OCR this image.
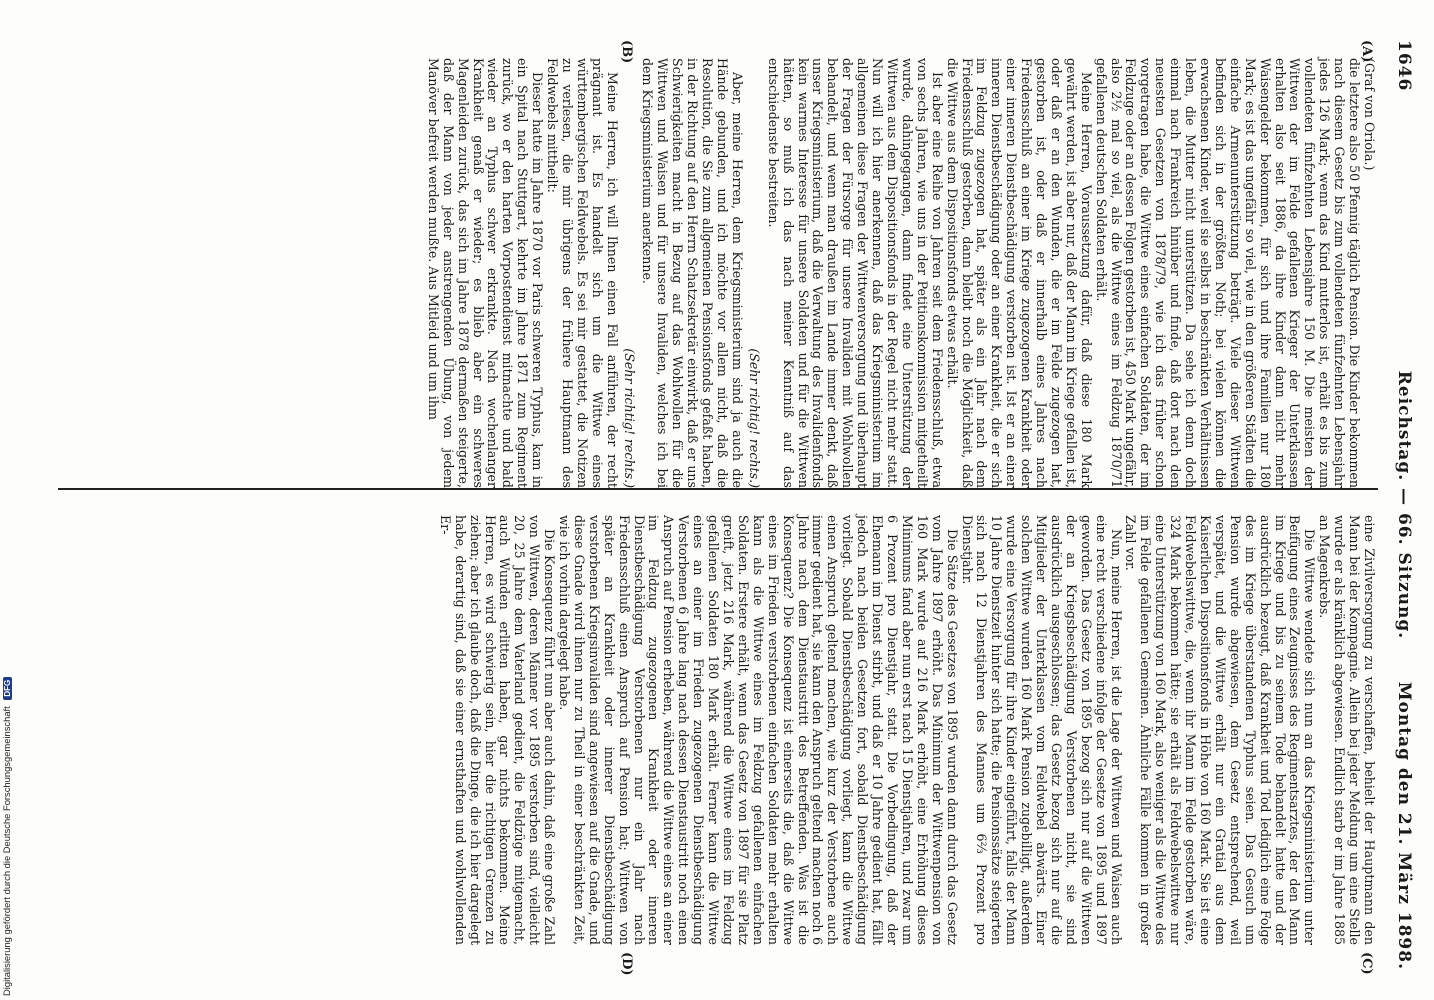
1646
Reichstag. — 66. Sitzung.
Montag den 21. März 1898.
(A)
(B)
(C)
(D)

(Graf von Oriola.)

die letztere also 50 Pfennig täglich Pension. Die Kinder bekommen nach diesem Gesetz bis zum vollendeten fünfzehnten Lebensjahr jedes 126 Mark; wenn das Kind mutterlos ist, erhält es bis zum vollendeten fünfzehnten Lebensjahre 150 M. Die meisten der Wittwen der im Felde gefallenen Krieger der Unterklassen erhalten also seit 1886, da ihre Kinder dann nicht mehr Waisengelder bekommen, für sich und ihre Familien nur 180 Mark; es ist das ungefähr so viel, wie in den größeren Städten die einfache Armenunterstützung beträgt. Viele dieser Wittwen befinden sich in der größten Noth; bei vielen können die erwachsenen Kinder, weil sie selbst in beschränkten Verhältnissen leben, die Mutter nicht unterstützen. Da sehe ich denn doch einmal nach Frankreich hinüber und finde, daß dort nach den neuesten Gesetzen von 1878/79, wie ich das früher schon vorgetragen habe, die Wittwe eines einfachen Soldaten, der im Feldzuge oder an dessen Folgen gestorben ist, 450 Mark ungefähr, also 2½ mal so viel, als die Wittwe eines im Feldzug 1870/71 gefallenen deutschen Soldaten erhält.

Meine Herren, Voraussetzung dafür, daß diese 180 Mark gewährt werden, ist aber nur, daß der Mann im Kriege gefallen ist, oder daß er an den Wunden, die er im Felde zugezogen hat, gestorben ist, oder daß er innerhalb eines Jahres nach Friedensschluß an einer im Kriege zugezogenen Krankheit oder einer inneren Dienstbeschädigung verstorben ist. Ist er an einer inneren Dienstbeschädigung oder an einer Krankheit, die er sich im Feldzug zugezogen hat, später als ein Jahr nach dem Friedensschluß gestorben, dann bleibt noch die Möglichkeit, daß die Wittwe aus dem Dispositionsfonds etwas erhält.

Ist aber eine Reihe von Jahren seit dem Friedensschluß, etwa von sechs Jahren, wie uns in der Petitionskommission mitgetheilt wurde, dahingegangen, dann findet eine Unterstützung der Wittwen aus dem Dispositionsfonds in der Regel nicht mehr statt. Nun will ich hier anerkennen, daß das Kriegsministerium im allgemeinen diese Fragen der Wittwenversorgung und überhaupt der Fragen der Fürsorge für unsere Invaliden mit Wohlwollen behandelt, und wenn man draußen im Lande immer denkt, daß unser Kriegsministerium, daß die Verwaltung des Invalidenfonds kein warmes Interesse für unsere Soldaten und für die Wittwen hätten, so muß ich das nach meiner Kenntniß auf das entschiedenste bestreiten.

(Sehr richtig! rechts.)

Aber, meine Herren, dem Kriegsministerium sind ja auch die Hände gebunden, und ich möchte vor allem nicht, daß die Resolution, die Sie zum allgemeinen Pensionsfonds gefaßt haben, in der Richtung auf den Herrn Schatzsekretär einwirkt, daß er uns Schwierigkeiten macht in Bezug auf das Wohlwollen für die Wittwen und Waisen und für unsere Invaliden, welches ich bei dem Kriegsministerium anerkenne.

(Sehr richtig! rechts.)

Meine Herren, ich will Ihnen einen Fall anführen, der recht prägnant ist. Es handelt sich um die Wittwe eines württembergischen Feldwebels. Es sei mir gestattet, die Notizen zu verlesen, die mir übrigens der frühere Hauptmann des Feldwebels mittheilt:

Dieser hatte im Jahre 1870 vor Paris schweren Typhus, kam in ein Spital nach Stuttgart, kehrte im Jahre 1871 zum Regiment zurück, wo er den harten Vorpostendienst mitmachte und bald wieder an Typhus schwer erkrankte. Nach wochenlanger Krankheit genaß er wieder; es blieb aber ein schweres Magenleiden zurück, das sich im Jahre 1878 dermaßen steigerte, daß der Mann von jeder anstrengenden Übung, von jedem Manöver befreit werden mußte. Aus Mitleid und um ihm

eine Zivilversorgung zu verschaffen, behielt der Hauptmann den Mann bei der Kompagnie. Allein bei jeder Meldung um eine Stelle wurde er als kränklich abgewiesen. Endlich starb er im Jahre 1885 an Magenkrebs.

Die Wittwe wendete sich nun an das Kriegsministerium unter Beifügung eines Zeugnisses des Regimentsarztes, der den Mann im Kriege und bis zu seinem Tode behandelt hatte und der ausdrücklich bezeugt, daß Krankheit und Tod lediglich eine Folge des im Kriege überstandenen Typhus seien. Das Gesuch um Pension wurde abgewiesen, dem Gesetz entsprechend, weil verspätet, und die Wittwe erhält nur ein Gratial aus dem Kaiserlichen Dispositionsfonds in Höhe von 160 Mark. Sie ist eine Feldwebelswittwe, die, wenn ihr Mann im Felde gestorben wäre, 324 Mark bekommen hätte; sie erhält als Feldwebelswittwe nur eine Unterstützung von 160 Mark, also weniger als die Wittwe des im Felde gefallenen Gemeinen. Ähnliche Fälle kommen in großer Zahl vor.

Nun, meine Herren, ist die Lage der Wittwen und Waisen auch eine recht verschiedene infolge der Gesetze von 1895 und 1897 geworden. Das Gesetz von 1895 bezog sich nur auf die Wittwen der an Kriegsbeschädigung Verstorbenen nicht, sie sind ausdrücklich ausgeschlossen; das Gesetz bezog sich nur auf die Mitglieder der Unterklassen vom Feldwebel abwärts. Einer solchen Wittwe wurden 160 Mark Pension zugebilligt, außerdem wurde eine Versorgung für ihre Kinder eingeführt, falls der Mann 10 Jahre Dienstzeit hinter sich hatte; die Pensionssätze steigerten sich nach 12 Dienstjahren des Mannes um 6⅔ Prozent pro Dienstjahr.

Die Sätze des Gesetzes von 1895 wurden dann durch das Gesetz vom Jahre 1897 erhöht. Das Minimum der Wittwenpension von 160 Mark wurde auf 216 Mark erhöht, eine Erhöhung dieses Minimums fand aber nun erst nach 15 Dienstjahren, und zwar um 6 Prozent pro Dienstjahr, statt. Die Vorbedingung, daß der Ehemann im Dienst stirbt, und daß er 10 Jahre gedient hat, fällt jedoch nach beiden Gesetzen fort, sobald Dienstbeschädigung vorliegt. Sobald Dienstbeschädigung vorliegt, kann die Wittwe einen Anspruch geltend machen, wie kurz der Verstorbene auch immer gedient hat, sie kann den Anspruch geltend machen noch 6 Jahre nach dem Dienstaustritt des Betreffenden. Was ist die Konsequenz? Die Konsequenz ist einerseits die, daß die Wittwe eines im Frieden verstorbenen einfachen Soldaten mehr erhalten kann als die Wittwe eines im Feldzug gefallenen einfachen Soldaten. Erstere erhält, wenn das Gesetz von 1897 für sie Platz greift, jetzt 216 Mark, während die Wittwe eines im Feldzug gefallenen Soldaten 180 Mark erhält. Ferner kann die Wittwe eines an einer im Frieden zugezogenen Dienstbeschädigung Verstorbenen 6 Jahre lang nach dessen Dienstaustritt noch einen Anspruch auf Pension erheben, während die Wittwe eines an einer im Feldzug zugezogenen Krankheit oder inneren Dienstbeschädigung Verstorbenen nur ein Jahr nach Friedensschluß einen Anspruch auf Pension hat; Wittwen von später an Krankheit oder innerer Dienstbeschädigung verstorbenen Kriegsinvaliden sind angewiesen auf die Gnade, und diese Gnade wird ihnen nur zu Theil in einer beschränkten Zeit, wie ich vorhin dargelegt habe.

Die Konsequenz führt nun aber auch dahin, daß eine große Zahl von Wittwen, deren Männer vor 1895 verstorben sind, vielleicht 20, 25 Jahre dem Vaterland gedient, die Feldzüge mitgemacht, auch Wunden erlitten haben, gar nichts bekommen. Meine Herren, es wird schwierig sein, hier die richtigen Grenzen zu ziehen; aber ich glaube doch, daß die Dinge, die ich hier dargelegt habe, derartig sind, daß sie einer ernsthaften und wohlwollenden Er-

Digitalisierung gefördert durch die Deutsche Forschungsgemeinschaft DFG
